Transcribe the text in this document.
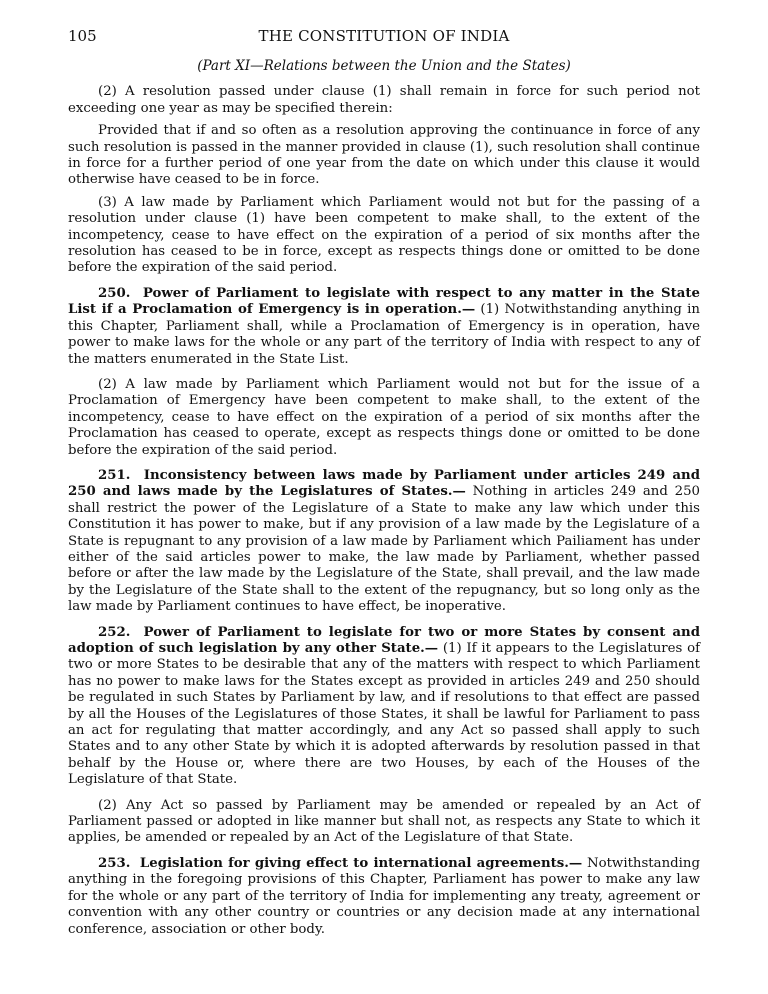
105	THE CONSTITUTION OF INDIA
(Part XI—Relations between the Union and the States)

(2) A resolution passed under clause (1) shall remain in force for such period not exceeding one year as may be specified therein:

Provided that if and so often as a resolution approving the continuance in force of any such resolution is passed in the manner provided in clause (1), such resolution shall continue in force for a further period of one year from the date on which under this clause it would otherwise have ceased to be in force.

(3) A law made by Parliament which Parliament would not but for the passing of a resolution under clause (1) have been competent to make shall, to the extent of the incompetency, cease to have effect on the expiration of a period of six months after the resolution has ceased to be in force, except as respects things done or omitted to be done before the expiration of the said period.

250. Power of Parliament to legislate with respect to any matter in the State List if a Proclamation of Emergency is in operation.— (1) Notwithstanding anything in this Chapter, Parliament shall, while a Proclamation of Emergency is in operation, have power to make laws for the whole or any part of the territory of India with respect to any of the matters enumerated in the State List.

(2) A law made by Parliament which Parliament would not but for the issue of a Proclamation of Emergency have been competent to make shall, to the extent of the incompetency, cease to have effect on the expiration of a period of six months after the Proclamation has ceased to operate, except as respects things done or omitted to be done before the expiration of the said period.

251. Inconsistency between laws made by Parliament under articles 249 and 250 and laws made by the Legislatures of States.— Nothing in articles 249 and 250 shall restrict the power of the Legislature of a State to make any law which under this Constitution it has power to make, but if any provision of a law made by the Legislature of a State is repugnant to any provision of a law made by Parliament which Pailiament has under either of the said articles power to make, the law made by Parliament, whether passed before or after the law made by the Legislature of the State, shall prevail, and the law made by the Legislature of the State shall to the extent of the repugnancy, but so long only as the law made by Parliament continues to have effect, be inoperative.

252. Power of Parliament to legislate for two or more States by consent and adoption of such legislation by any other State.— (1) If it appears to the Legislatures of two or more States to be desirable that any of the matters with respect to which Parliament has no power to make laws for the States except as provided in articles 249 and 250 should be regulated in such States by Parliament by law, and if resolutions to that effect are passed by all the Houses of the Legislatures of those States, it shall be lawful for Parliament to pass an act for regulating that matter accordingly, and any Act so passed shall apply to such States and to any other State by which it is adopted afterwards by resolution passed in that behalf by the House or, where there are two Houses, by each of the Houses of the Legislature of that State.

(2) Any Act so passed by Parliament may be amended or repealed by an Act of Parliament passed or adopted in like manner but shall not, as respects any State to which it applies, be amended or repealed by an Act of the Legislature of that State.

253. Legislation for giving effect to international agreements.— Notwithstanding anything in the foregoing provisions of this Chapter, Parliament has power to make any law for the whole or any part of the territory of India for implementing any treaty, agreement or convention with any other country or countries or any decision made at any international conference, association or other body.
